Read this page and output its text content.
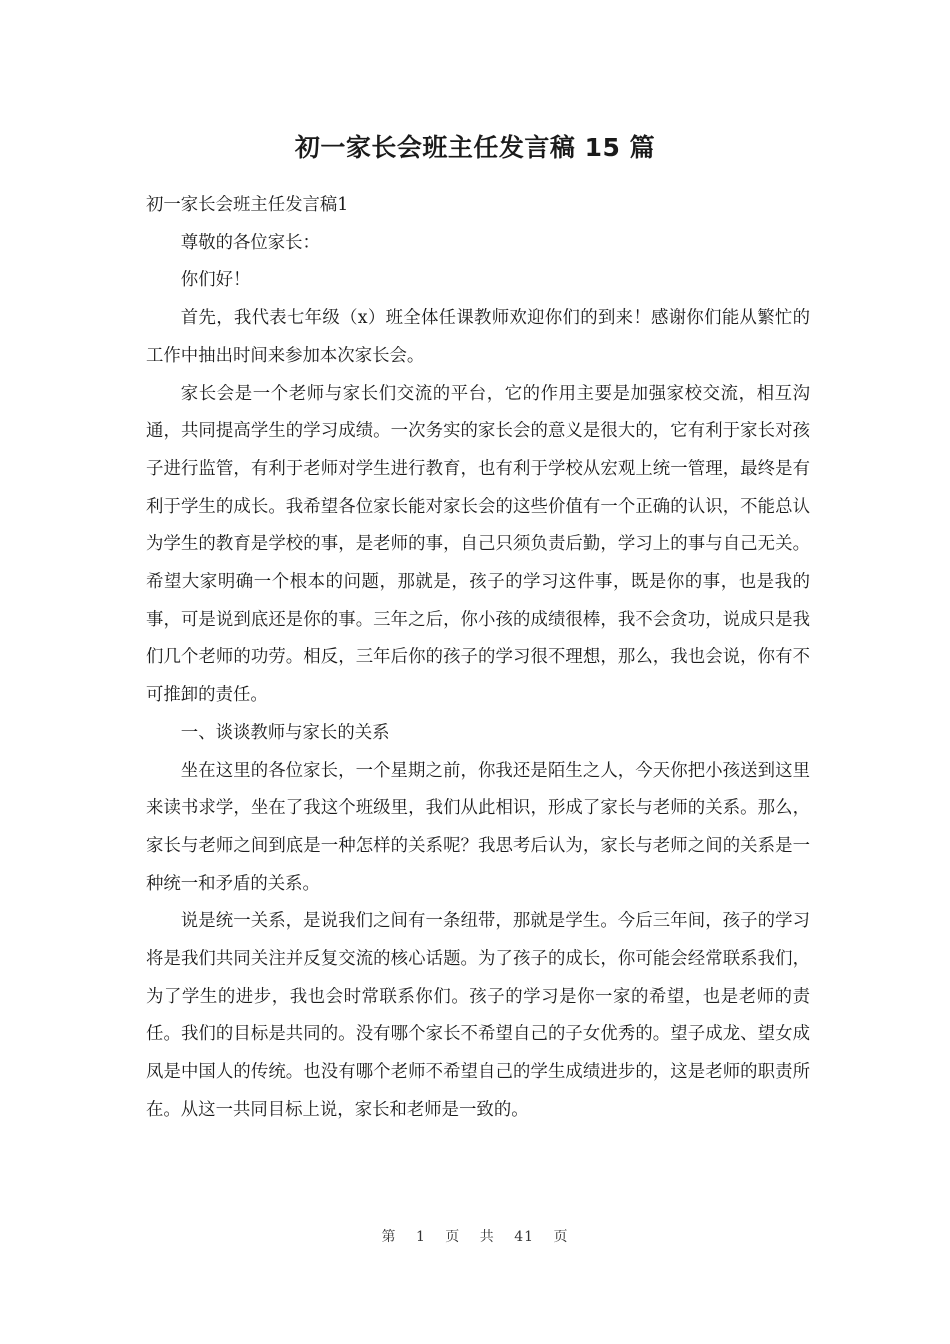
初一家长会班主任发言稿 15 篇

初一家长会班主任发言稿1

尊敬的各位家长：

你们好！

首先，我代表七年级（x）班全体任课教师欢迎你们的到来！感谢你们能从繁忙的工作中抽出时间来参加本次家长会。

家长会是一个老师与家长们交流的平台，它的作用主要是加强家校交流，相互沟通，共同提高学生的学习成绩。一次务实的家长会的意义是很大的，它有利于家长对孩子进行监管，有利于老师对学生进行教育，也有利于学校从宏观上统一管理，最终是有利于学生的成长。我希望各位家长能对家长会的这些价值有一个正确的认识，不能总认为学生的教育是学校的事，是老师的事，自己只须负责后勤，学习上的事与自己无关。希望大家明确一个根本的问题，那就是，孩子的学习这件事，既是你的事，也是我的事，可是说到底还是你的事。三年之后，你小孩的成绩很棒，我不会贪功，说成只是我们几个老师的功劳。相反，三年后你的孩子的学习很不理想，那么，我也会说，你有不可推卸的责任。

一、谈谈教师与家长的关系

坐在这里的各位家长，一个星期之前，你我还是陌生之人，今天你把小孩送到这里来读书求学，坐在了我这个班级里，我们从此相识，形成了家长与老师的关系。那么，家长与老师之间到底是一种怎样的关系呢？我思考后认为，家长与老师之间的关系是一种统一和矛盾的关系。

说是统一关系，是说我们之间有一条纽带，那就是学生。今后三年间，孩子的学习将是我们共同关注并反复交流的核心话题。为了孩子的成长，你可能会经常联系我们，为了学生的进步，我也会时常联系你们。孩子的学习是你一家的希望，也是老师的责任。我们的目标是共同的。没有哪个家长不希望自己的子女优秀的。望子成龙、望女成凤是中国人的传统。也没有哪个老师不希望自己的学生成绩进步的，这是老师的职责所在。从这一共同目标上说，家长和老师是一致的。

第 1 页 共 41 页
